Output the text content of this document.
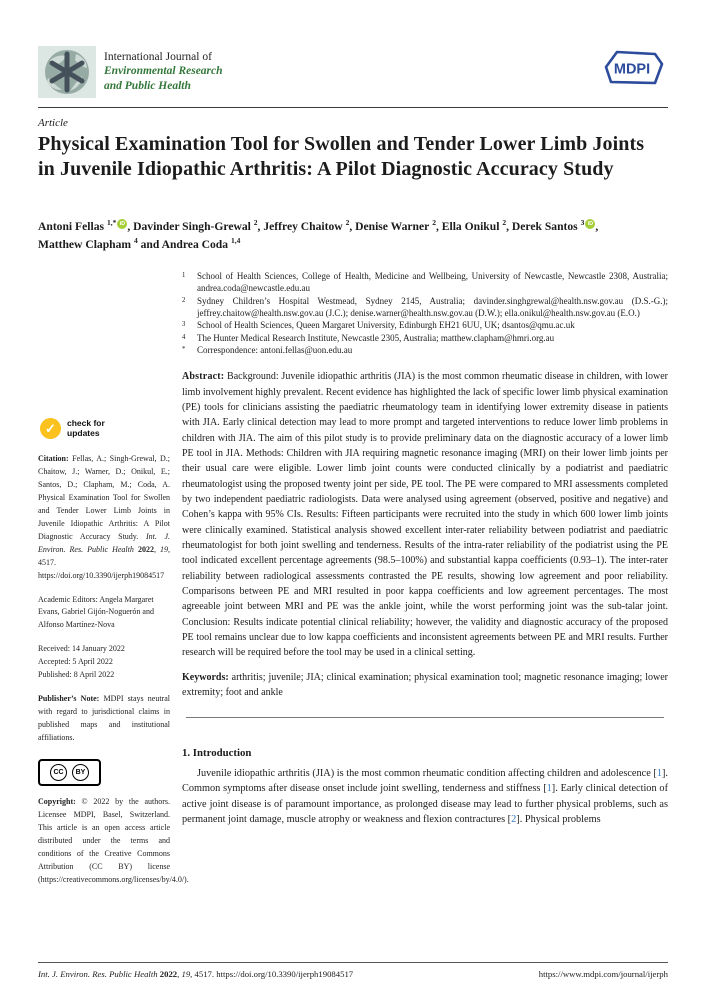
International Journal of
Environmental Research
and Public Health
MDPI
Article
Physical Examination Tool for Swollen and Tender Lower Limb Joints in Juvenile Idiopathic Arthritis: A Pilot Diagnostic Accuracy Study
Antoni Fellas $^{1,*}$ iD , Davinder Singh-Grewal $^2$, Jeffrey Chaitow $^2$, Denise Warner $^2$, Ella Onikul $^2$, Derek Santos $^3$ iD ,
Matthew Clapham $^4$ and Andrea Coda $^{1,4}$
✓	check for
updates
Citation: Fellas, A.; Singh-Grewal, D.; Chaitow, J.; Warner, D.; Onikul, E.; Santos, D.; Clapham, M.; Coda, A. Physical Examination Tool for Swollen and Tender Lower Limb Joints in Juvenile Idiopathic Arthritis: A Pilot Diagnostic Accuracy Study. Int. J. Environ. Res. Public Health 2022, 19, 4517. https://doi.org/10.3390/ijerph19084517
Academic Editors: Angela Margaret Evans, Gabriel Gijón-Noguerón and Alfonso Martínez-Nova
Received: 14 January 2022
Accepted: 5 April 2022
Published: 8 April 2022
Publisher’s Note: MDPI stays neutral with regard to jurisdictional claims in published maps and institutional affiliations.
CC	BY
Copyright: © 2022 by the authors. Licensee MDPI, Basel, Switzerland. This article is an open access article distributed under the terms and conditions of the Creative Commons Attribution (CC BY) license (https://creativecommons.org/licenses/by/4.0/).
1	School of Health Sciences, College of Health, Medicine and Wellbeing, University of Newcastle, Newcastle 2308, Australia; andrea.coda@newcastle.edu.au
2	Sydney Children’s Hospital Westmead, Sydney 2145, Australia; davinder.singhgrewal@health.nsw.gov.au (D.S.-G.); jeffrey.chaitow@health.nsw.gov.au (J.C.); denise.warner@health.nsw.gov.au (D.W.); ella.onikul@health.nsw.gov.au (E.O.)
3	School of Health Sciences, Queen Margaret University, Edinburgh EH21 6UU, UK; dsantos@qmu.ac.uk
4	The Hunter Medical Research Institute, Newcastle 2305, Australia; matthew.clapham@hmri.org.au
*	Correspondence: antoni.fellas@uon.edu.au
Abstract: Background: Juvenile idiopathic arthritis (JIA) is the most common rheumatic disease in children, with lower limb involvement highly prevalent. Recent evidence has highlighted the lack of specific lower limb physical examination (PE) tools for clinicians assisting the paediatric rheumatology team in identifying lower extremity disease in patients with JIA. Early clinical detection may lead to more prompt and targeted interventions to reduce lower limb problems in children with JIA. The aim of this pilot study is to provide preliminary data on the diagnostic accuracy of a lower limb PE tool in JIA. Methods: Children with JIA requiring magnetic resonance imaging (MRI) on their lower limb joints per their usual care were eligible. Lower limb joint counts were conducted clinically by a podiatrist and paediatric rheumatologist using the proposed twenty joint per side, PE tool. The PE were compared to MRI assessments completed by two independent paediatric radiologists. Data were analysed using agreement (observed, positive and negative) and Cohen’s kappa with 95% CIs. Results: Fifteen participants were recruited into the study in which 600 lower limb joints were clinically examined. Statistical analysis showed excellent inter-rater reliability between podiatrist and paediatric rheumatologist for both joint swelling and tenderness. Results of the intra-rater reliability of the podiatrist using the PE tool indicated excellent percentage agreements (98.5–100%) and substantial kappa coefficients (0.93–1). The inter-rater reliability between radiological assessments contrasted the PE results, showing low agreement and poor reliability. Comparisons between PE and MRI resulted in poor kappa coefficients and low agreement percentages. The most agreeable joint between MRI and PE was the ankle joint, while the worst performing joint was the sub-talar joint. Conclusion: Results indicate potential clinical reliability; however, the validity and diagnostic accuracy of the proposed PE tool remains unclear due to low kappa coefficients and inconsistent agreements between PE and MRI results. Further research will be required before the tool may be used in a clinical setting.
Keywords: arthritis; juvenile; JIA; clinical examination; physical examination tool; magnetic resonance imaging; lower extremity; foot and ankle
1. Introduction
Juvenile idiopathic arthritis (JIA) is the most common rheumatic condition affecting children and adolescence [1]. Common symptoms after disease onset include joint swelling, tenderness and stiffness [1]. Early clinical detection of active joint disease is of paramount importance, as prolonged disease may lead to further physical problems, such as permanent joint damage, muscle atrophy or weakness and flexion contractures [2]. Physical problems
Int. J. Environ. Res. Public Health 2022, 19, 4517. https://doi.org/10.3390/ijerph19084517	https://www.mdpi.com/journal/ijerph
